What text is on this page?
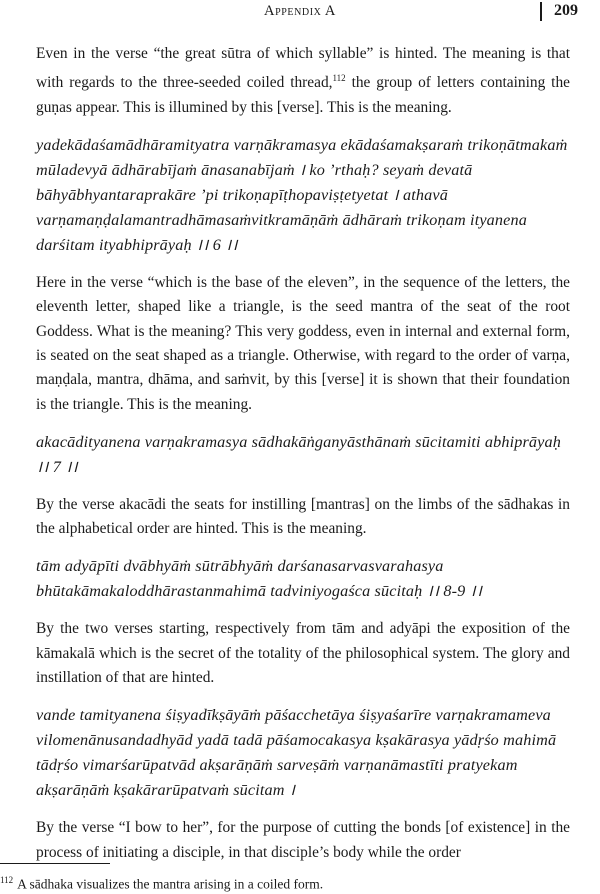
Appendix A	209

Even in the verse “the great sūtra of which syllable” is hinted. The meaning is that with regards to the three-seeded coiled thread,$^{112}$ the group of letters containing the guṇas appear. This is illumined by this [verse]. This is the meaning.

yadekādaśamādhāramityatra varṇākramasya ekādaśamakṣaraṁ trikoṇātmakaṁ mūladevyā ādhārabījaṁ ānasanabījaṁ । ko ’rthaḥ? seyaṁ devatā bāhyābhyantaraprakāre ’pi trikoṇapīṭhopaviṣṭetyetat । athavā varṇamaṇḍalamantradhāmasaṁvitkramāṇāṁ ādhāraṁ trikoṇam ityanena darśitam ityabhiprāyaḥ ।। 6 ।।

Here in the verse “which is the base of the eleven”, in the sequence of the letters, the eleventh letter, shaped like a triangle, is the seed mantra of the seat of the root Goddess. What is the meaning? This very goddess, even in internal and external form, is seated on the seat shaped as a triangle. Otherwise, with regard to the order of varṇa, maṇḍala, mantra, dhāma, and saṁvit, by this [verse] it is shown that their foundation is the triangle. This is the meaning.

akacādityanena varṇakramasya sādhakāṅganyāsthānaṁ sūcitamiti abhiprāyaḥ ।। 7 ।।

By the verse akacādi the seats for instilling [mantras] on the limbs of the sādhakas in the alphabetical order are hinted. This is the meaning.

tām adyāpīti dvābhyāṁ sūtrābhyāṁ darśanasarvasvarahasya bhūtakāmakaloddhārastanmahimā tadviniyogaśca sūcitaḥ ।। 8-9 ।।

By the two verses starting, respectively from tām and adyāpi the exposition of the kāmakalā which is the secret of the totality of the philosophical system. The glory and instillation of that are hinted.

vande tamityanena śiṣyadīkṣāyāṁ pāśacchetāya śiṣyaśarīre varṇakramameva vilomenānusandadhyād yadā tadā pāśamocakasya kṣakārasya yādṛśo mahimā tādṛśo vimarśarūpatvād akṣarāṇāṁ sarveṣāṁ varṇanāmastīti pratyekam akṣarāṇāṁ kṣakārarūpatvaṁ sūcitam ।

By the verse “I bow to her”, for the purpose of cutting the bonds [of existence] in the process of initiating a disciple, in that disciple’s body while the order

$^{112}$ A sādhaka visualizes the mantra arising in a coiled form.
